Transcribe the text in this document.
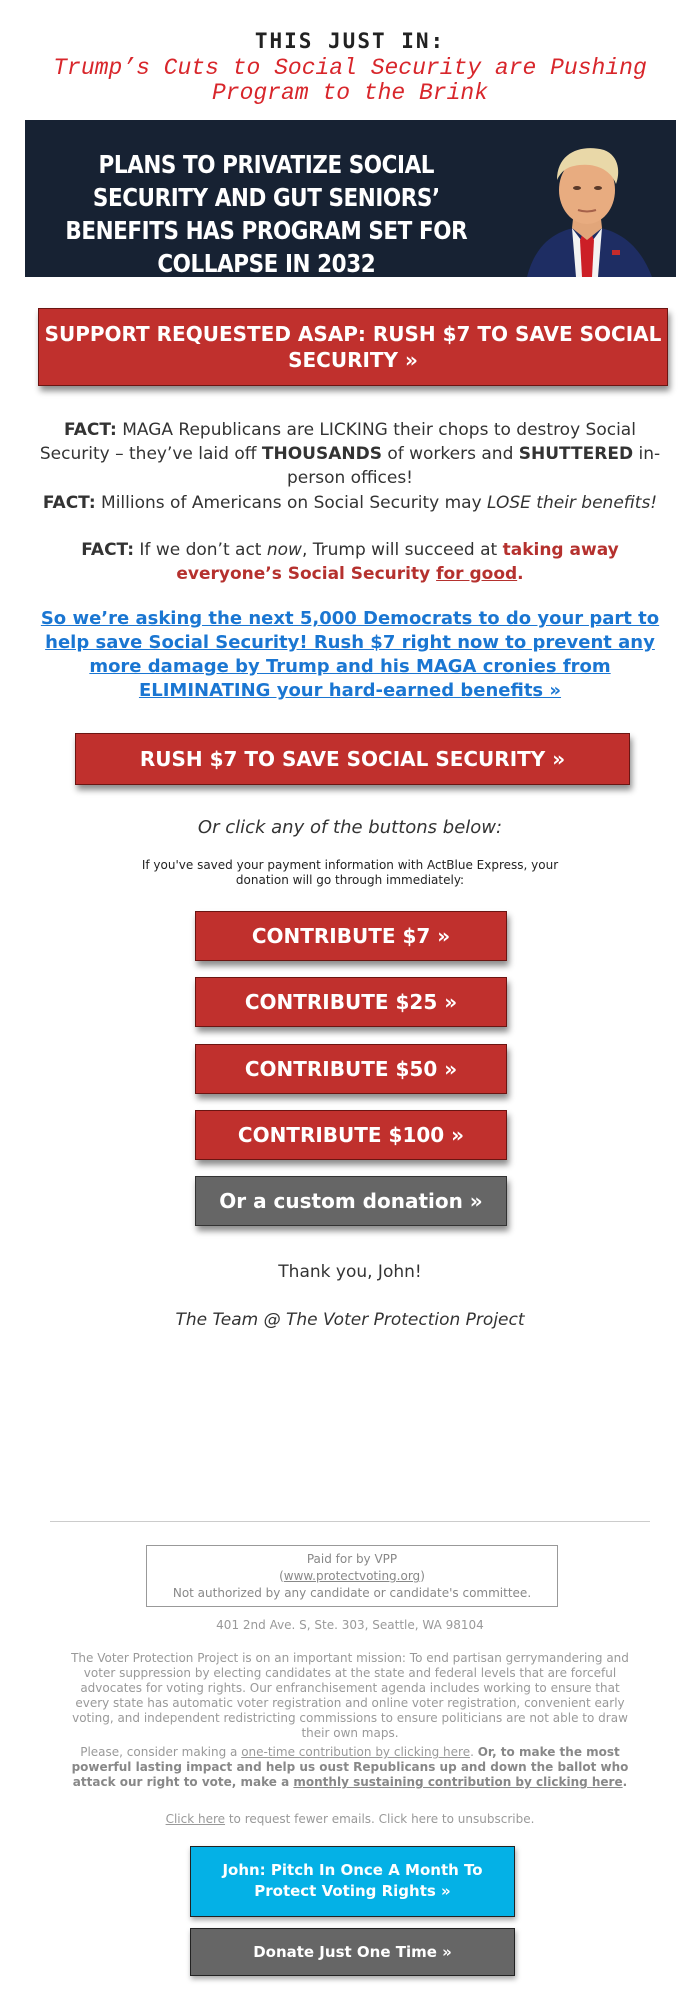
THIS JUST IN:
Trump’s Cuts to Social Security are Pushing Program to the Brink
PLANS TO PRIVATIZE SOCIAL SECURITY AND GUT SENIORS’ BENEFITS HAS PROGRAM SET FOR COLLAPSE IN 2032
SUPPORT REQUESTED ASAP: RUSH $7 TO SAVE SOCIAL SECURITY »
FACT: MAGA Republicans are LICKING their chops to destroy Social Security – they’ve laid off THOUSANDS of workers and SHUTTERED in-person offices!
FACT: Millions of Americans on Social Security may LOSE their benefits!
FACT: If we don’t act now, Trump will succeed at taking away everyone’s Social Security for good.
So we’re asking the next 5,000 Democrats to do your part to help save Social Security! Rush $7 right now to prevent any more damage by Trump and his MAGA cronies from ELIMINATING your hard-earned benefits »
RUSH $7 TO SAVE SOCIAL SECURITY »
Or click any of the buttons below:
If you've saved your payment information with ActBlue Express, your donation will go through immediately:
CONTRIBUTE $7 »
CONTRIBUTE $25 »
CONTRIBUTE $50 »
CONTRIBUTE $100 »
Or a custom donation »
Thank you, John!
The Team @ The Voter Protection Project
Paid for by VPP
(www.protectvoting.org)
Not authorized by any candidate or candidate's committee.
401 2nd Ave. S, Ste. 303, Seattle, WA 98104
The Voter Protection Project is on an important mission: To end partisan gerrymandering and voter suppression by electing candidates at the state and federal levels that are forceful advocates for voting rights. Our enfranchisement agenda includes working to ensure that every state has automatic voter registration and online voter registration, convenient early voting, and independent redistricting commissions to ensure politicians are not able to draw their own maps.
Please, consider making a one-time contribution by clicking here. Or, to make the most powerful lasting impact and help us oust Republicans up and down the ballot who attack our right to vote, make a monthly sustaining contribution by clicking here.
Click here to request fewer emails. Click here to unsubscribe.
John: Pitch In Once A Month To Protect Voting Rights »
Donate Just One Time »
